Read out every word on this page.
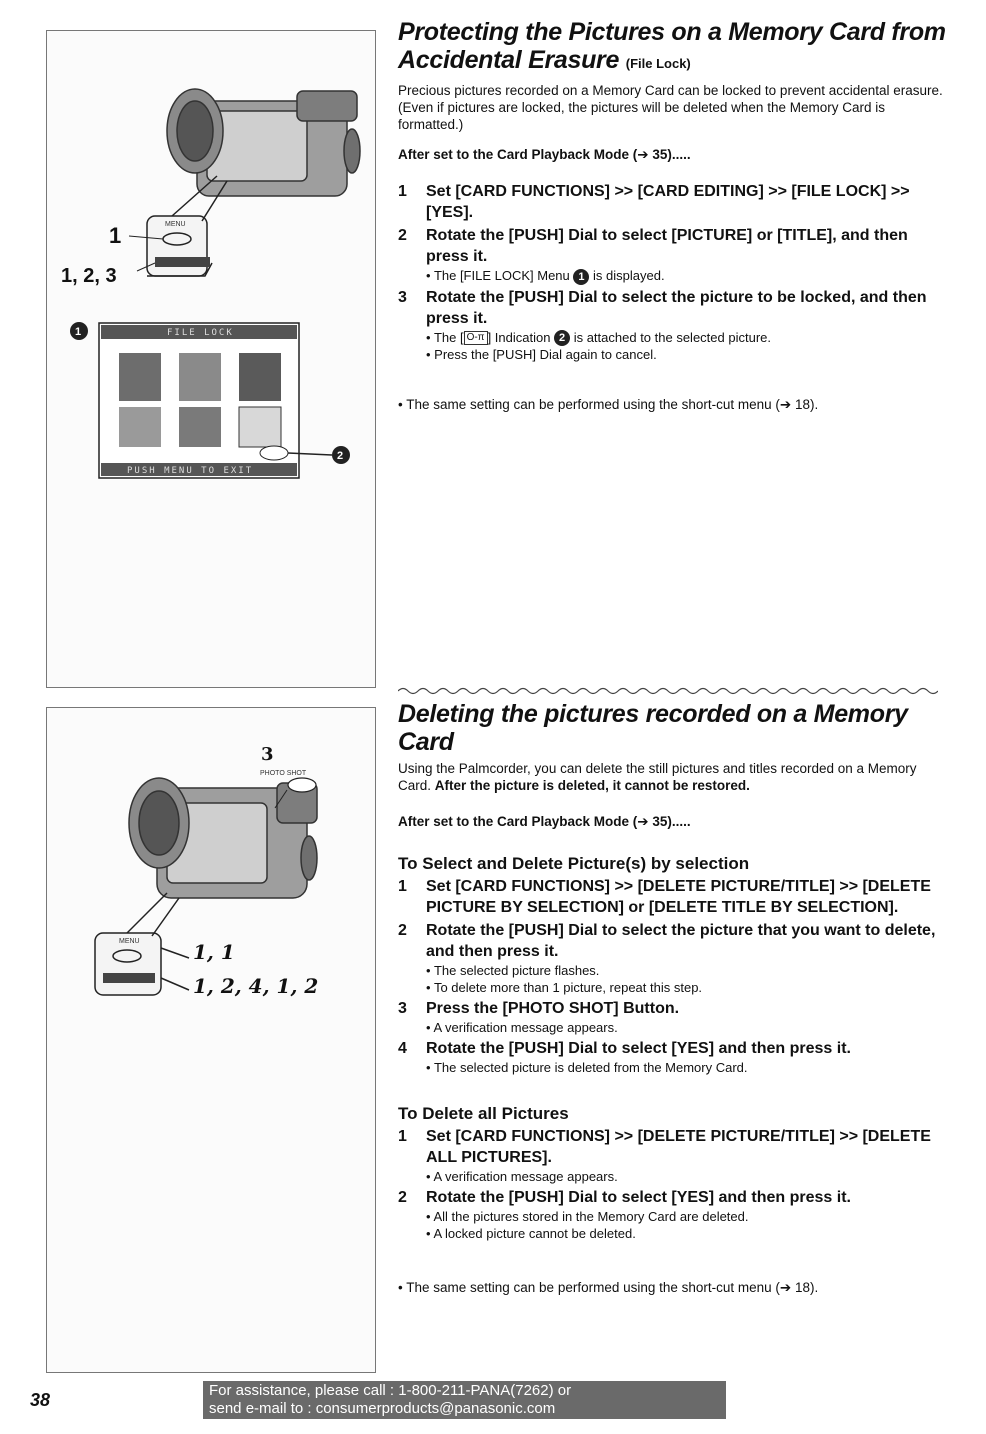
MENU
FILE LOCK
PUSH MENU TO EXIT
1
2
1
1, 2, 3
Protecting the Pictures on a Memory Card from
Accidental Erasure (File Lock)

Precious pictures recorded on a Memory Card can be locked to prevent accidental erasure. (Even if pictures are locked, the pictures will be deleted when the Memory Card is formatted.)

After set to the Card Playback Mode (➔ 35).....

1	Set [CARD FUNCTIONS] >> [CARD EDITING] >> [FILE LOCK] >> [YES].
2	Rotate the [PUSH] Dial to select [PICTURE] or [TITLE], and then press it.
• The [FILE LOCK] Menu 1 is displayed.
3	Rotate the [PUSH] Dial to select the picture to be locked, and then press it.
• The [ O-π ] Indication 2 is attached to the selected picture.
• Press the [PUSH] Dial again to cancel.
• The same setting can be performed using the short-cut menu (➔ 18).
PHOTO SHOT
MENU
3
1, 1
1, 2, 4, 1, 2
Deleting the pictures recorded on a Memory
Card

Using the Palmcorder, you can delete the still pictures and titles recorded on a Memory Card. After the picture is deleted, it cannot be restored.

After set to the Card Playback Mode (➔ 35).....

To Select and Delete Picture(s) by selection
1	Set [CARD FUNCTIONS] >> [DELETE PICTURE/TITLE] >> [DELETE PICTURE BY SELECTION] or [DELETE TITLE BY SELECTION].
2	Rotate the [PUSH] Dial to select the picture that you want to delete, and then press it.
• The selected picture flashes.
• To delete more than 1 picture, repeat this step.
3	Press the [PHOTO SHOT] Button.
• A verification message appears.
4	Rotate the [PUSH] Dial to select [YES] and then press it.
• The selected picture is deleted from the Memory Card.
To Delete all Pictures
1	Set [CARD FUNCTIONS] >> [DELETE PICTURE/TITLE] >> [DELETE ALL PICTURES].
• A verification message appears.
2	Rotate the [PUSH] Dial to select [YES] and then press it.
• All the pictures stored in the Memory Card are deleted.
• A locked picture cannot be deleted.
• The same setting can be performed using the short-cut menu (➔ 18).
38	For assistance, please call : 1-800-211-PANA(7262) or
send e-mail to : consumerproducts@panasonic.com
